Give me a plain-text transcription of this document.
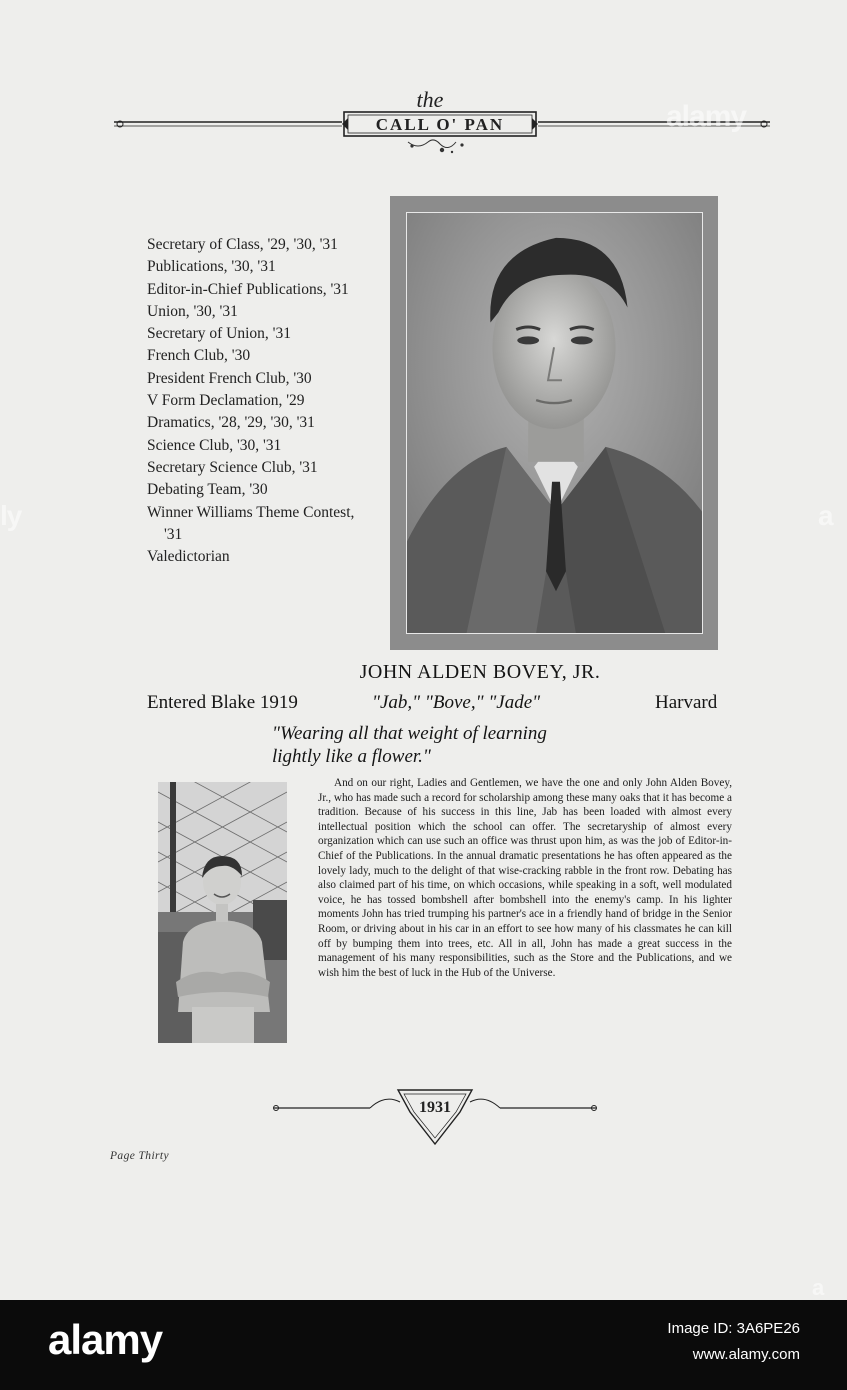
CALL O' PAN
the

Secretary of Class, '29, '30, '31

Publications, '30, '31

Editor-in-Chief Publications, '31

Union, '30, '31

Secretary of Union, '31

French Club, '30

President French Club, '30

V Form Declamation, '29

Dramatics, '28, '29, '30, '31

Science Club, '30, '31

Secretary Science Club, '31

Debating Team, '30

Winner Williams Theme Contest, '31

Valedictorian

JOHN ALDEN BOVEY, JR.
Entered Blake 1919	"Jab," "Bove," "Jade"	Harvard
"Wearing all that weight of learning
lightly like a flower."

And on our right, Ladies and Gentlemen, we have the one and only John Alden Bovey, Jr., who has made such a record for scholarship among these many oaks that it has become a tradition. Because of his success in this line, Jab has been loaded with almost every intellectual position which the school can offer. The secretaryship of almost every organization which can use such an office was thrust upon him, as was the job of Editor-in-Chief of the Publications. In the annual dramatic presentations he has often appeared as the lovely lady, much to the delight of that wise-cracking rabble in the front row. Debating has also claimed part of his time, on which occasions, while speaking in a soft, well modulated voice, he has tossed bombshell after bombshell into the enemy's camp. In his lighter moments John has tried trumping his partner's ace in a friendly hand of bridge in the Senior Room, or driving about in his car in an effort to see how many of his classmates he can kill off by bumping them into trees, etc. All in all, John has made a great success in the management of his many responsibilities, such as the Store and the Publications, and we wish him the best of luck in the Hub of the Universe.

1931
Page Thirty
alamy
ly	a
a
alamy	Image ID: 3A6PE26
www.alamy.com
